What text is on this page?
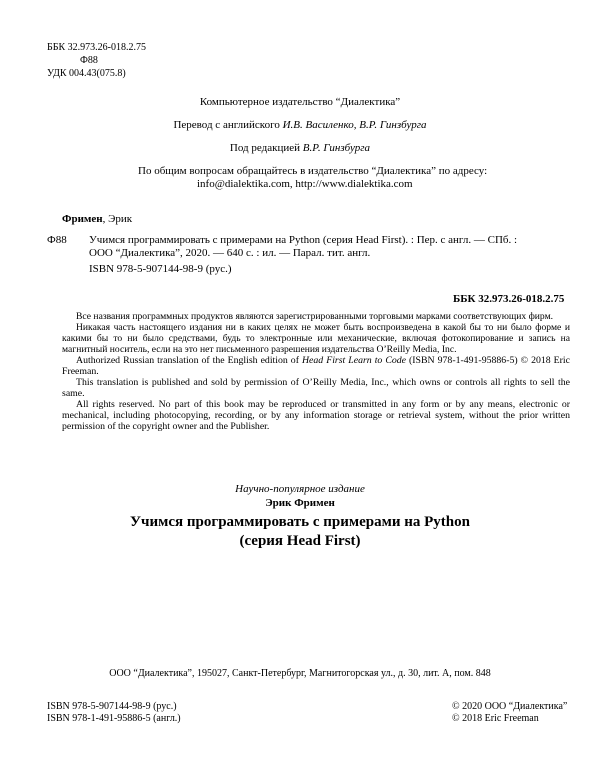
ББК 32.973.26-018.2.75
Ф88
УДК 004.43(075.8)
Компьютерное издательство “Диалектика”
Перевод с английского И.В. Василенко, В.Р. Гинзбурга
Под редакцией В.Р. Гинзбурга
По общим вопросам обращайтесь в издательство “Диалектика” по адресу:
info@dialektika.com, http://www.dialektika.com
Фримен, Эрик
Ф88 Учимся программировать с примерами на Python (серия Head First). : Пер. с англ. — СПб. :
ООО “Диалектика”, 2020. — 640 с. : ил. — Парал. тит. англ.
ISBN 978-5-907144-98-9 (рус.)
ББК 32.973.26-018.2.75

Все названия программных продуктов являются зарегистрированными торговыми марками соответствующих фирм.

Никакая часть настоящего издания ни в каких целях не может быть воспроизведена в какой бы то ни было форме и какими бы то ни было средствами, будь то электронные или механические, включая фотокопирование и запись на магнитный носитель, если на это нет письменного разрешения издательства O’Reilly Media, Inc.

Authorized Russian translation of the English edition of Head First Learn to Code (ISBN 978-1-491-95886-5) © 2018 Eric Freeman.

This translation is published and sold by permission of O’Reilly Media, Inc., which owns or controls all rights to sell the same.

All rights reserved. No part of this book may be reproduced or transmitted in any form or by any means, electronic or mechanical, including photocopying, recording, or by any information storage or retrieval system, without the prior written permission of the copyright owner and the Publisher.

Научно-популярное издание
Эрик Фримен
Учимся программировать с примерами на Python
(серия Head First)
ООО “Диалектика”, 195027, Санкт-Петербург, Магнитогорская ул., д. 30, лит. А, пом. 848
ISBN 978-5-907144-98-9 (рус.)
ISBN 978-1-491-95886-5 (англ.)
© 2020 ООО “Диалектика”
© 2018 Eric Freeman
